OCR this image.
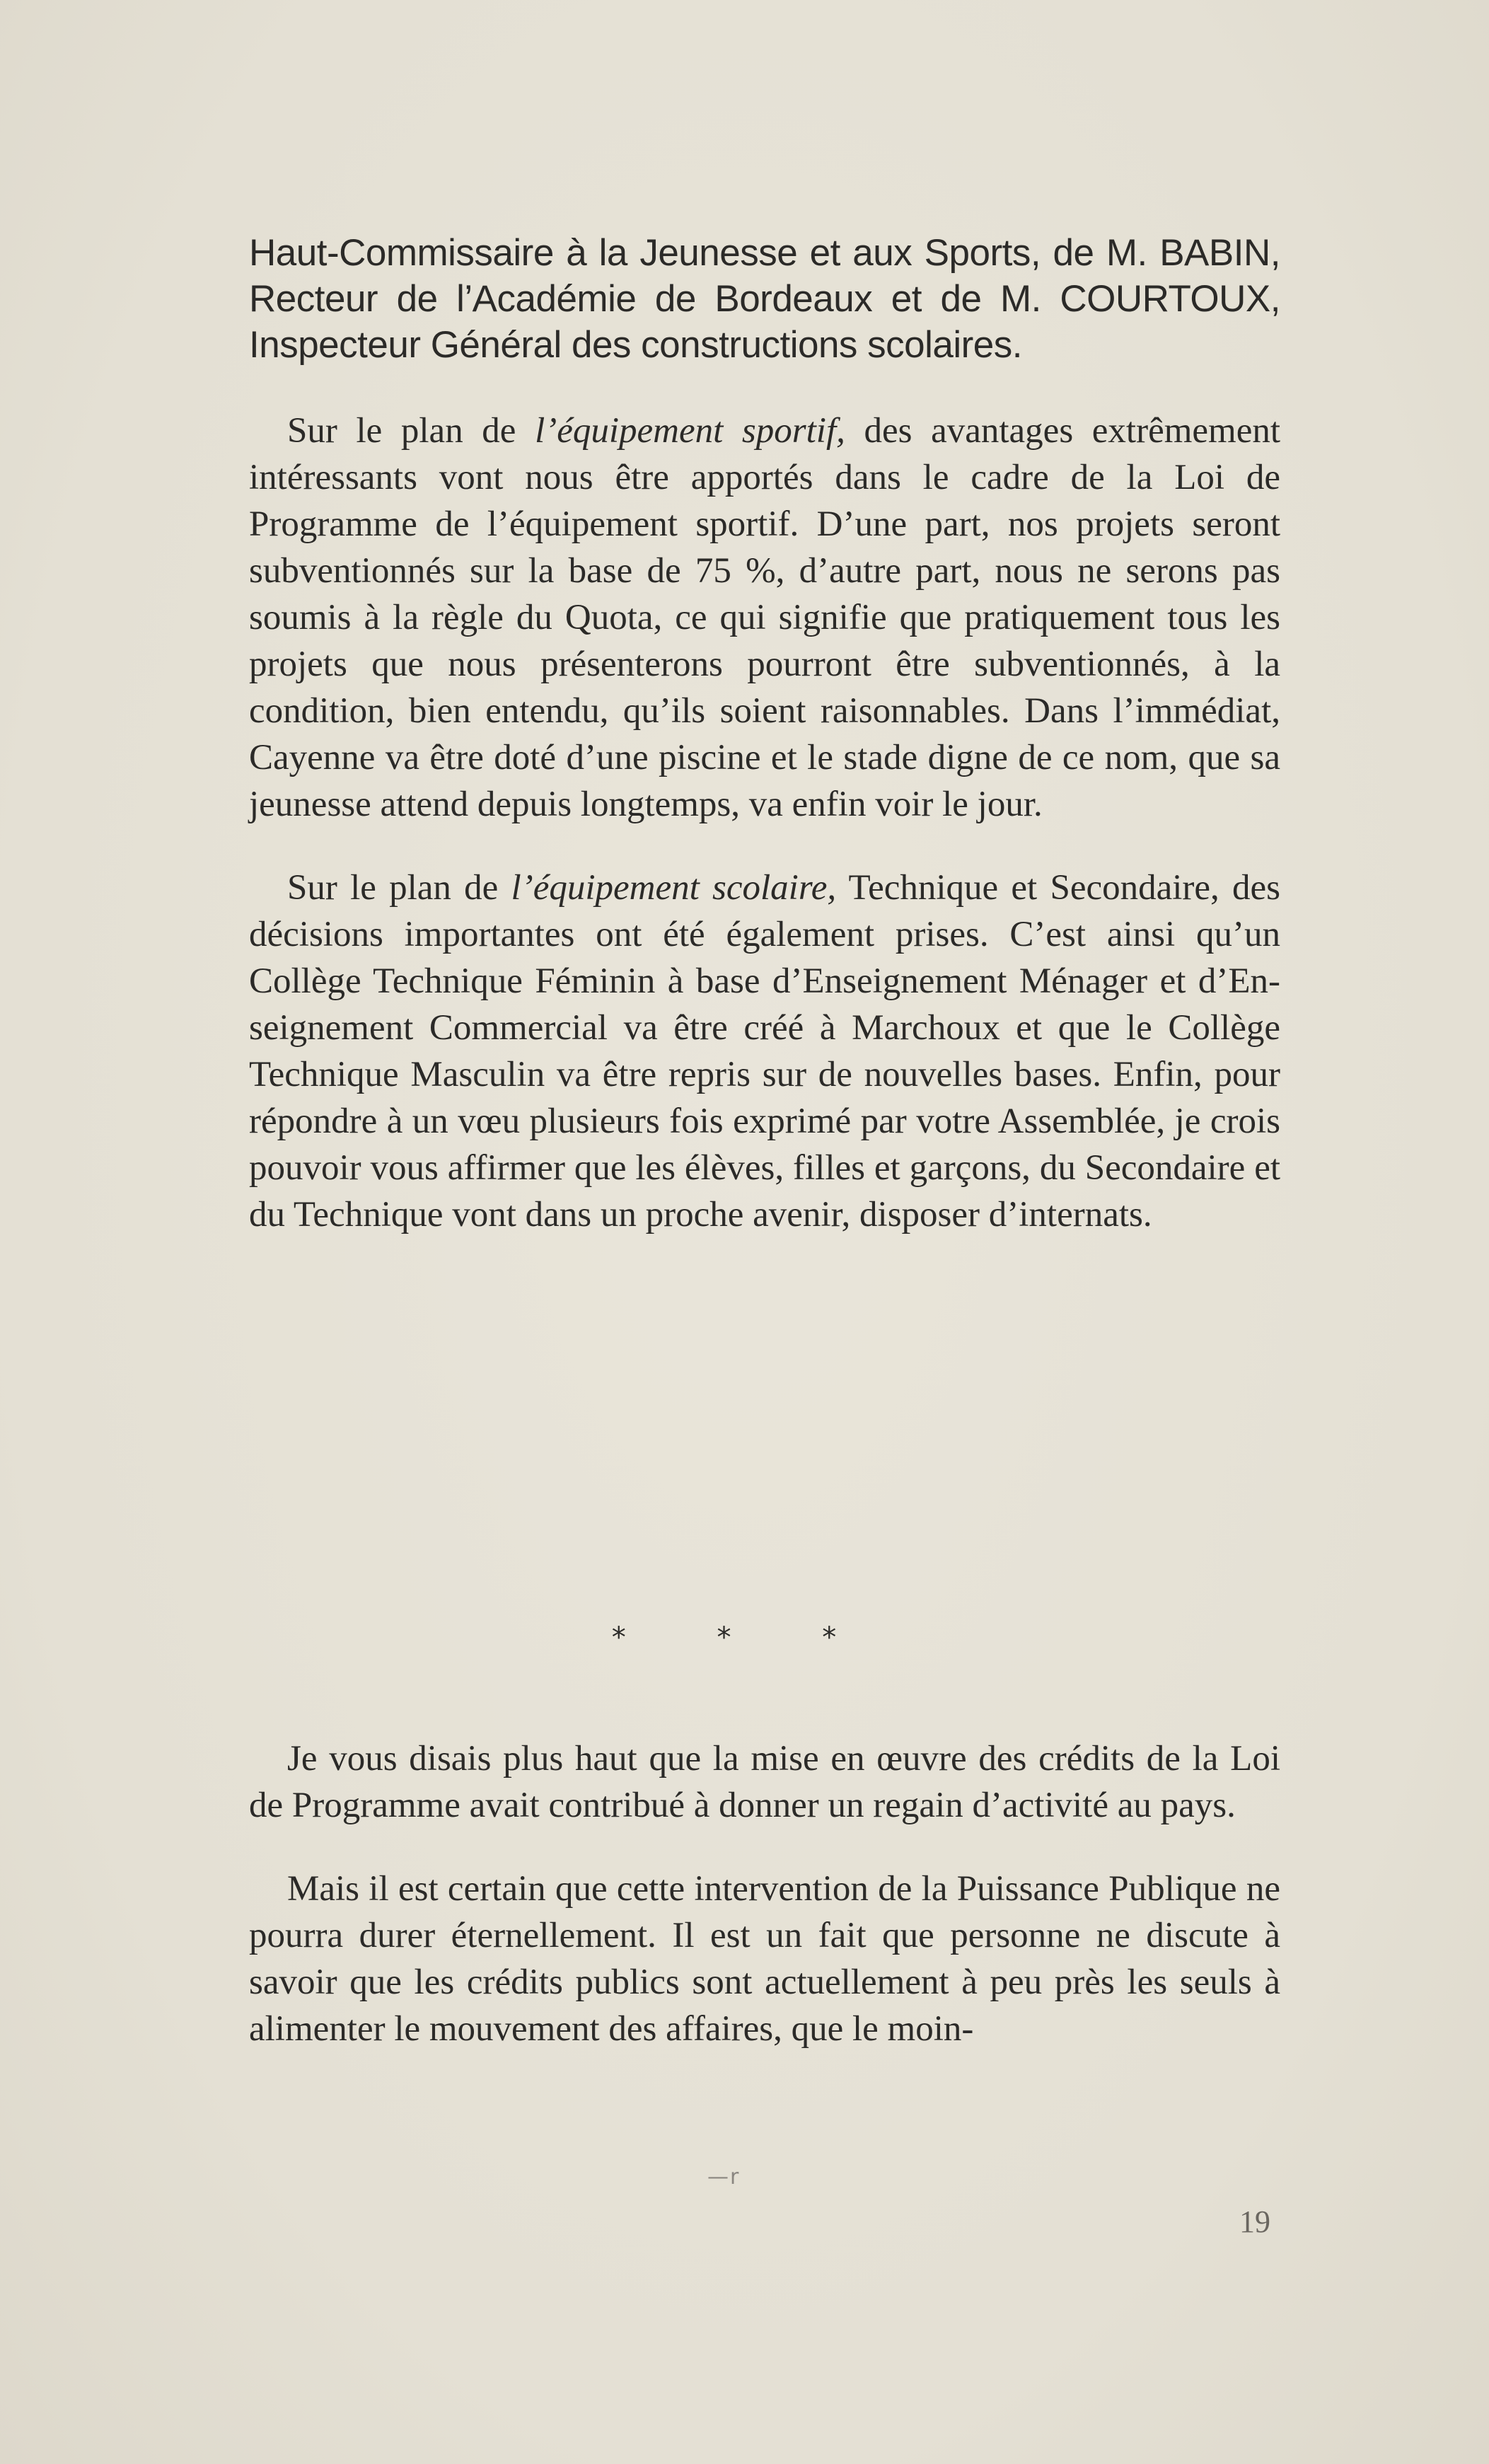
Haut-Commissaire à la Jeunesse et aux Sports, de M. BABIN, Recteur de l’Académie de Bordeaux et de M. COURTOUX, Inspecteur Général des constructions scolaires.

Sur le plan de l’équipement sportif, des avantages extrêmement intéressants vont nous être apportés dans le cadre de la Loi de Programme de l’équipement sportif. D’une part, nos projets seront subventionnés sur la base de 75 %, d’autre part, nous ne serons pas soumis à la règle du Quota, ce qui signifie que pratiquement tous les projets que nous présenterons pourront être subventionnés, à la condition, bien entendu, qu’ils soient raisonnables. Dans l’immédiat, Cayenne va être doté d’une piscine et le stade digne de ce nom, que sa jeunesse attend depuis longtemps, va enfin voir le jour.

Sur le plan de l’équipement scolaire, Technique et Secondaire, des décisions importantes ont été également prises. C’est ainsi qu’un Collège Technique Féminin à base d’Enseignement Ménager et d’Enseignement Commercial va être créé à Marchoux et que le Collège Technique Masculin va être repris sur de nouvelles bases. Enfin, pour répondre à un vœu plusieurs fois exprimé par votre Assemblée, je crois pouvoir vous affirmer que les élèves, filles et garçons, du Secondaire et du Technique vont dans un proche avenir, disposer d’internats.

* * *

Je vous disais plus haut que la mise en œuvre des crédits de la Loi de Programme avait contribué à donner un regain d’activité au pays.

Mais il est certain que cette intervention de la Puissance Publique ne pourra durer éternellement. Il est un fait que personne ne discute à savoir que les crédits publics sont actuellement à peu près les seuls à alimenter le mouvement des affaires, que le moin-

—r
19
